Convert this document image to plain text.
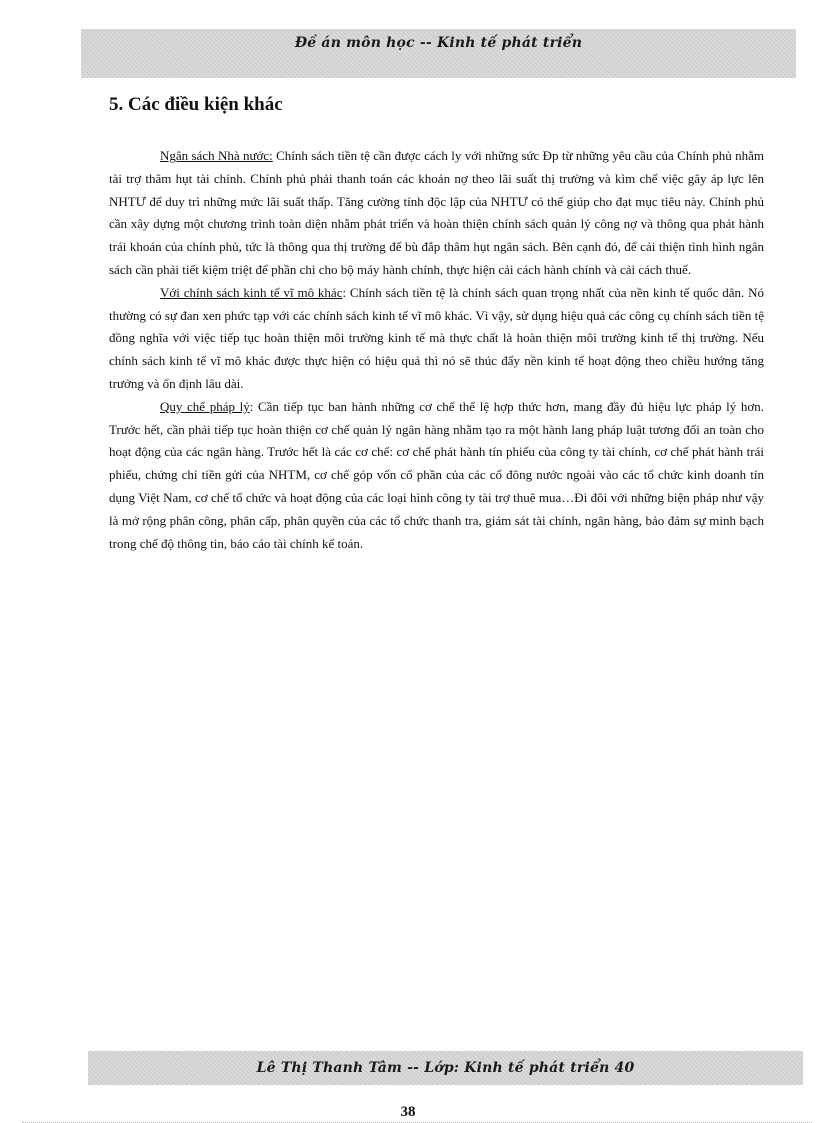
Đề án môn học -- Kinh tế phát triển
5. Các điều kiện khác

Ngân sách Nhà nước: Chính sách tiền tệ cần được cách ly với những sức Ðp từ những yêu cầu của Chính phủ nhằm tài trợ thâm hụt tài chính. Chính phủ phải thanh toán các khoản nợ theo lãi suất thị trường và kìm chế việc gây áp lực lên NHTƯ để duy trì những mức lãi suất thấp. Tăng cường tính độc lập của NHTƯ có thể giúp cho đạt mục tiêu này. Chính phủ cần xây dựng một chương trình toàn diện nhằm phát triển và hoàn thiện chính sách quản lý công nợ và thông qua phát hành trái khoán của chính phủ, tức là thông qua thị trường để bù đắp thâm hụt ngân sách. Bên cạnh đó, để cải thiện tình hình ngân sách cần phải tiết kiệm triệt để phần chi cho bộ máy hành chính, thực hiện cải cách hành chính và cải cách thuế.

Với chính sách kinh tế vĩ mô khác: Chính sách tiền tệ là chính sách quan trọng nhất của nền kinh tế quốc dân. Nó thường có sự đan xen phức tạp với các chính sách kinh tế vĩ mô khác. Vì vậy, sử dụng hiệu quả các công cụ chính sách tiền tệ đồng nghĩa với việc tiếp tục hoàn thiện môi trường kinh tế mà thực chất là hoàn thiện môi trường kinh tế thị trường. Nếu chính sách kinh tế vĩ mô khác được thực hiện có hiệu quả thì nó sẽ thúc đẩy nền kinh tế hoạt động theo chiều hướng tăng trưởng và ổn định lâu dài.

Quy chế pháp lý: Cần tiếp tục ban hành những cơ chế thể lệ hợp thức hơn, mang đầy đủ hiệu lực pháp lý hơn. Trước hết, cần phải tiếp tục hoàn thiện cơ chế quản lý ngân hàng nhằm tạo ra một hành lang pháp luật tương đối an toàn cho hoạt động của các ngân hàng. Trước hết là các cơ chế: cơ chế phát hành tín phiếu của công ty tài chính, cơ chế phát hành trái phiếu, chứng chỉ tiền gửi của NHTM, cơ chế góp vốn cổ phần của các cổ đông nước ngoài vào các tổ chức kinh doanh tín dụng Việt Nam, cơ chế tổ chức và hoạt động của các loại hình công ty tài trợ thuê mua…Đi đôi với những biện pháp như vậy là mở rộng phân công, phân cấp, phân quyền của các tổ chức thanh tra, giám sát tài chính, ngân hàng, bảo đảm sự minh bạch trong chế độ thông tin, báo cáo tài chính kế toán.

Lê Thị Thanh Tâm -- Lớp: Kinh tế phát triển 40
38
